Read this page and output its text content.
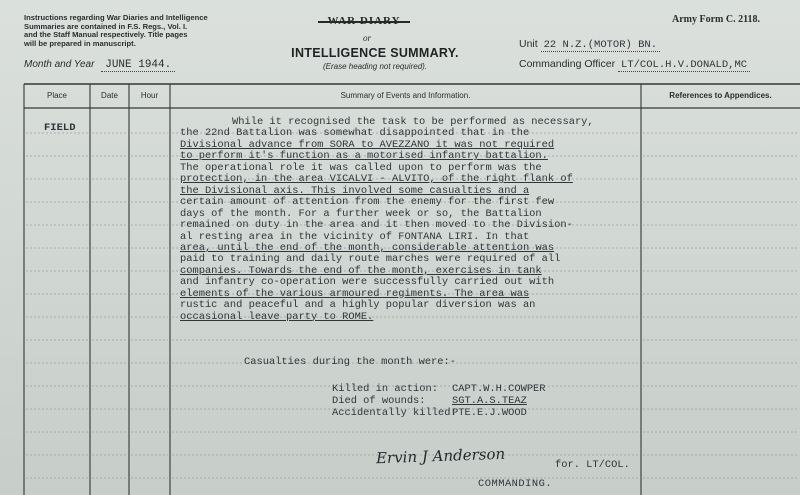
Instructions regarding War Diaries and Intelligence
Summaries are contained in F.S. Regs., Vol. I.
and the Staff Manual respectively. Title pages
will be prepared in manuscript.
Month and Year JUNE 1944.
or
INTELLIGENCE SUMMARY.
(Erase heading not required).
Army Form C. 2118.
Unit 22 N.Z.(MOTOR) BN.
Commanding Officer LT/COL.H.V.DONALD,MC
Place	Date	Hour	Summary of Events and Information.	References to Appendices.
FIELD	While it recognised the task to be performed as necessary,
the 22nd Battalion was somewhat disappointed that in the
Divisional advance from SORA to AVEZZANO it was not required
to perform it's function as a motorised infantry battalion.
The operational role it was called upon to perform was the
protection, in the area VICALVI - ALVITO, of the right flank of
the Divisional axis. This involved some casualties and a
certain amount of attention from the enemy for the first few
days of the month. For a further week or so, the Battalion
remained on duty in the area and it then moved to the Division-
al resting area in the vicinity of FONTANA LIRI. In that
area, until the end of the month, considerable attention was
paid to training and daily route marches were required of all
companies. Towards the end of the month, exercises in tank
and infantry co-operation were successfully carried out with
elements of the various armoured regiments. The area was
rustic and peaceful and a highly popular diversion was an
occasional leave party to ROME.
Casualties during the month were:-
Killed in action: CAPT.W.H.COWPER
Died of wounds:	SGT.A.S.TEAZ
Accidentally killed:PTE.E.J.WOOD
Ervin J Anderson	for. LT/COL.
COMMANDING.
